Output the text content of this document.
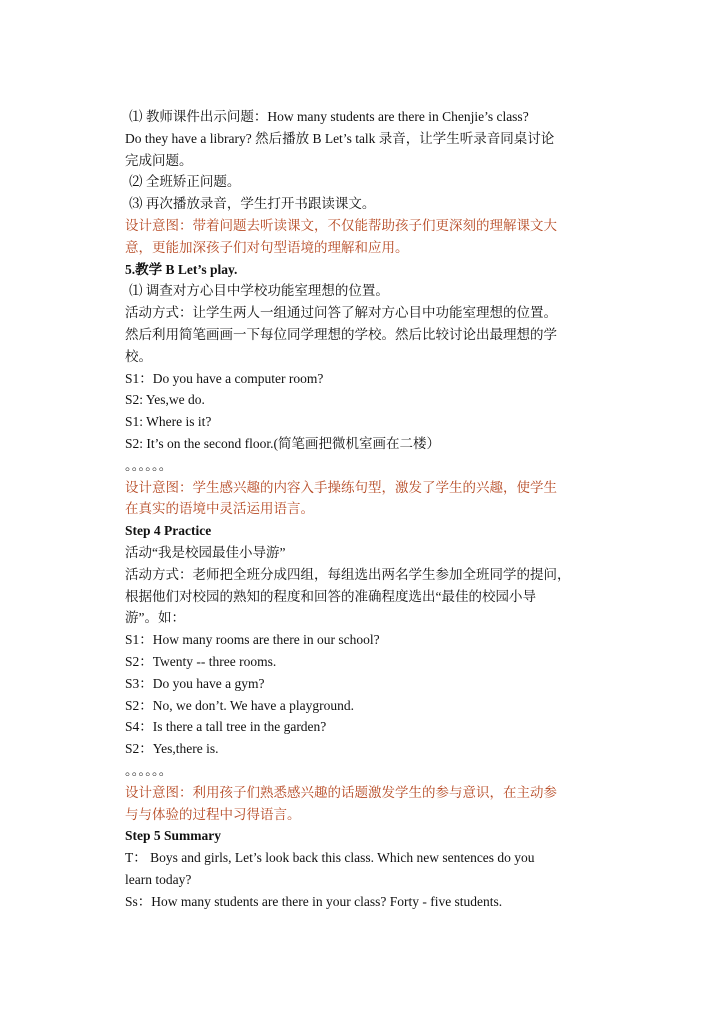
⑴ 教师课件出示问题：How many students are there in Chenjie’s class?
Do they have a library? 然后播放 B Let’s talk 录音，让学生听录音同桌讨论
完成问题。
⑵ 全班矫正问题。
⑶ 再次播放录音，学生打开书跟读课文。
设计意图：带着问题去听读课文，不仅能帮助孩子们更深刻的理解课文大
意，更能加深孩子们对句型语境的理解和应用。
5.教学 B Let’s play.
⑴ 调查对方心目中学校功能室理想的位置。
活动方式：让学生两人一组通过问答了解对方心目中功能室理想的位置。
然后利用简笔画画一下每位同学理想的学校。然后比较讨论出最理想的学
校。
S1：Do you have a computer room?
S2: Yes,we do.
S1: Where is it?
S2: It’s on the second floor.(简笔画把微机室画在二楼）
。。。。。。
设计意图：学生感兴趣的内容入手操练句型，激发了学生的兴趣，使学生
在真实的语境中灵活运用语言。
Step 4 Practice
活动“我是校园最佳小导游”
活动方式：老师把全班分成四组，每组选出两名学生参加全班同学的提问，
根据他们对校园的熟知的程度和回答的准确程度选出“最佳的校园小导
游”。如：
S1：How many rooms are there in our school?
S2：Twenty -- three rooms.
S3：Do you have a gym?
S2：No, we don’t. We have a playground.
S4：Is there a tall tree in the garden?
S2：Yes,there is.
。。。。。。
设计意图：利用孩子们熟悉感兴趣的话题激发学生的参与意识，在主动参
与与体验的过程中习得语言。
Step 5 Summary
T： Boys and girls, Let’s look back this class. Which new sentences do you
learn today?
Ss：How many students are there in your class? Forty - five students.
